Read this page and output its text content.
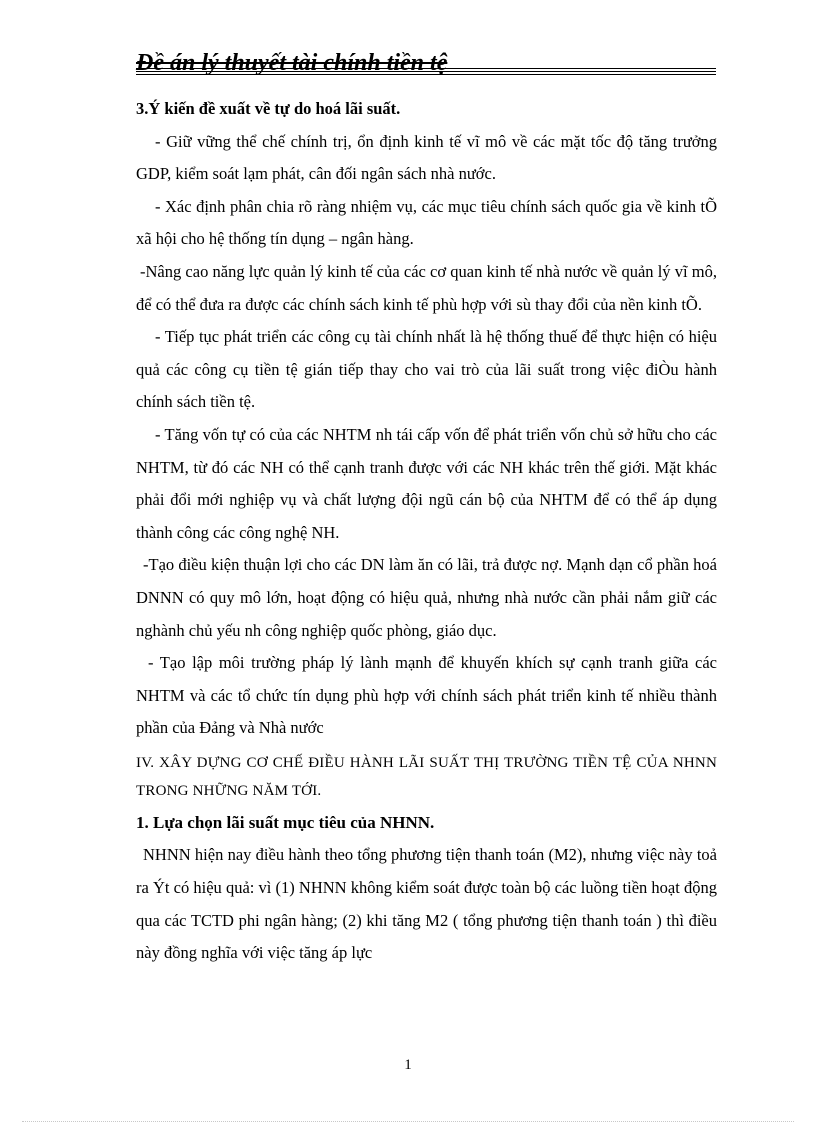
Đề án lý thuyết tài chính tiền tệ

3.Ý kiến đề xuất về tự do hoá lãi suất.

- Giữ vững thể chế chính trị, ổn định kinh tế vĩ mô về các mặt tốc độ tăng trưởng GDP, kiểm soát lạm phát, cân đối ngân sách nhà nước.

- Xác định phân chia rõ ràng nhiệm vụ, các mục tiêu chính sách quốc gia về kinh tÕ xã hội cho hệ thống tín dụng – ngân hàng.

-Nâng cao năng lực quản lý kinh tế của các cơ quan kinh tế nhà nước về quản lý vĩ mô, để có thể đưa ra được các chính sách kinh tế phù hợp với sù thay đổi của nền kinh tÕ.

- Tiếp tục phát triển các công cụ tài chính nhất là hệ thống thuế để thực hiện có hiệu quả các công cụ tiền tệ gián tiếp thay cho vai trò của lãi suất trong việc điÒu hành chính sách tiền tệ.

- Tăng vốn tự có của các NHTM nh tái cấp vốn để phát triển vốn chủ sở hữu cho các NHTM, từ đó các NH có thể cạnh tranh được với các NH khác trên thế giới. Mặt khác phải đổi mới nghiệp vụ và chất lượng đội ngũ cán bộ của NHTM để có thể áp dụng thành công các công nghệ NH.

-Tạo điều kiện thuận lợi cho các DN làm ăn có lãi, trả được nợ. Mạnh dạn cổ phần hoá DNNN có quy mô lớn, hoạt động có hiệu quả, nhưng nhà nước cần phải nắm giữ các nghành chủ yếu nh công nghiệp quốc phòng, giáo dục.

- Tạo lập môi trường pháp lý lành mạnh để khuyến khích sự cạnh tranh giữa các NHTM và các tổ chức tín dụng phù hợp với chính sách phát triển kinh tế nhiều thành phần của Đảng và Nhà nước

IV. XÂY DỰNG CƠ CHẾ ĐIỀU HÀNH LÃI SUẤT THỊ TRƯỜNG TIỀN TỆ CỦA NHNN TRONG NHỮNG NĂM TỚI.

1. Lựa chọn lãi suất mục tiêu của NHNN.

NHNN hiện nay điều hành theo tổng phương tiện thanh toán (M2), nhưng việc này toả ra Ýt có hiệu quả: vì (1) NHNN không kiểm soát được toàn bộ các luồng tiền hoạt động qua các TCTD phi ngân hàng; (2) khi tăng M2 ( tổng phương tiện thanh toán ) thì điều này đồng nghĩa với việc tăng áp lực

1
